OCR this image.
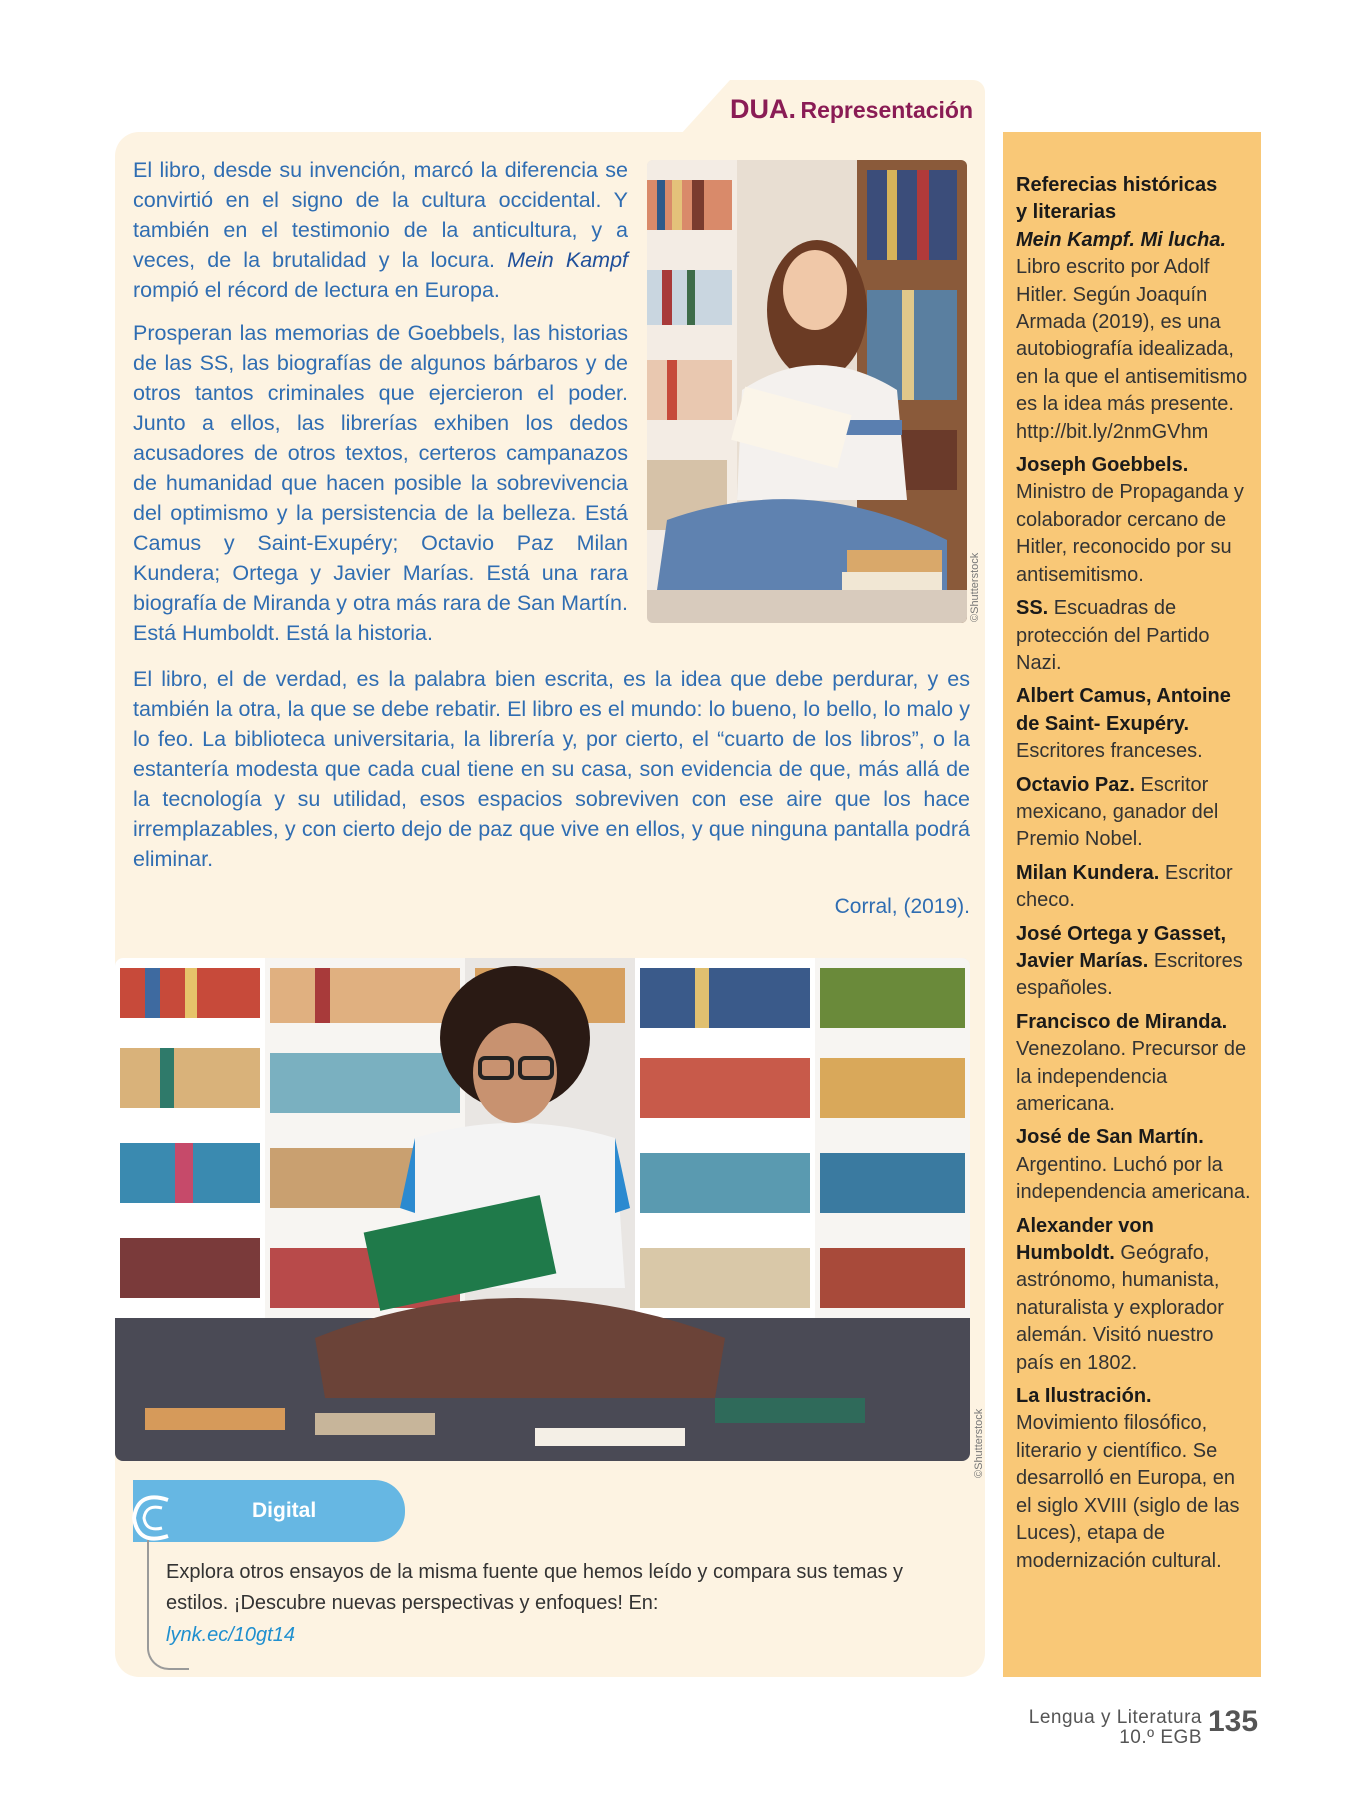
DUA. Representación

El libro, desde su invención, marcó la diferencia se convirtió en el signo de la cultura occidental. Y también en el testimonio de la anticultura, y a veces, de la brutalidad y la locura. Mein Kampf rompió el récord de lectura en Europa.

Prosperan las memorias de Goebbels, las historias de las SS, las biografías de algunos bárbaros y de otros tantos criminales que ejercieron el poder. Junto a ellos, las librerías exhiben los dedos acusadores de otros textos, certeros campanazos de humanidad que hacen posible la sobrevivencia del optimismo y la persistencia de la belleza. Está Camus y Saint-Exupéry; Octavio Paz Milan Kundera; Ortega y Javier Marías. Está una rara biografía de Miranda y otra más rara de San Martín. Está Humboldt. Está la historia.

El libro, el de verdad, es la palabra bien escrita, es la idea que debe perdurar, y es también la otra, la que se debe rebatir. El libro es el mundo: lo bueno, lo bello, lo malo y lo feo. La biblioteca universitaria, la librería y, por cierto, el “cuarto de los libros”, o la estantería modesta que cada cual tiene en su casa, son evidencia de que, más allá de la tecnología y su utilidad, esos espacios sobreviven con ese aire que los hace irremplazables, y con cierto dejo de paz que vive en ellos, y que ninguna pantalla podrá eliminar.

Corral, (2019).
©Shutterstock
©Shutterstock
Digital
Explora otros ensayos de la misma fuente que hemos leído y compara sus temas y estilos. ¡Descubre nuevas perspectivas y enfoques! En:
lynk.ec/10gt14
Referecias históricas
y literarias
Mein Kampf. Mi lucha.
Libro escrito por Adolf Hitler. Según Joaquín Armada (2019), es una autobiografía idealizada, en la que el antisemitismo es la idea más presente. http://bit.ly/2nmGVhm
Joseph Goebbels. Ministro de Propaganda y colaborador cercano de Hitler, reconocido por su antisemitismo.
SS. Escuadras de protección del Partido Nazi.
Albert Camus, Antoine de Saint- Exupéry. Escritores franceses.
Octavio Paz. Escritor mexicano, ganador del Premio Nobel.
Milan Kundera. Escritor checo.
José Ortega y Gasset, Javier Marías. Escritores españoles.
Francisco de Miranda. Venezolano. Precursor de la independencia americana.
José de San Martín. Argentino. Luchó por la independencia americana.
Alexander von Humboldt. Geógrafo, astrónomo, humanista, naturalista y explorador alemán. Visitó nuestro país en 1802.
La Ilustración. Movimiento filosófico, literario y científico. Se desarrolló en Europa, en el siglo XVIII (siglo de las Luces), etapa de modernización cultural.
Lengua y Literatura
10.º EGB 135
